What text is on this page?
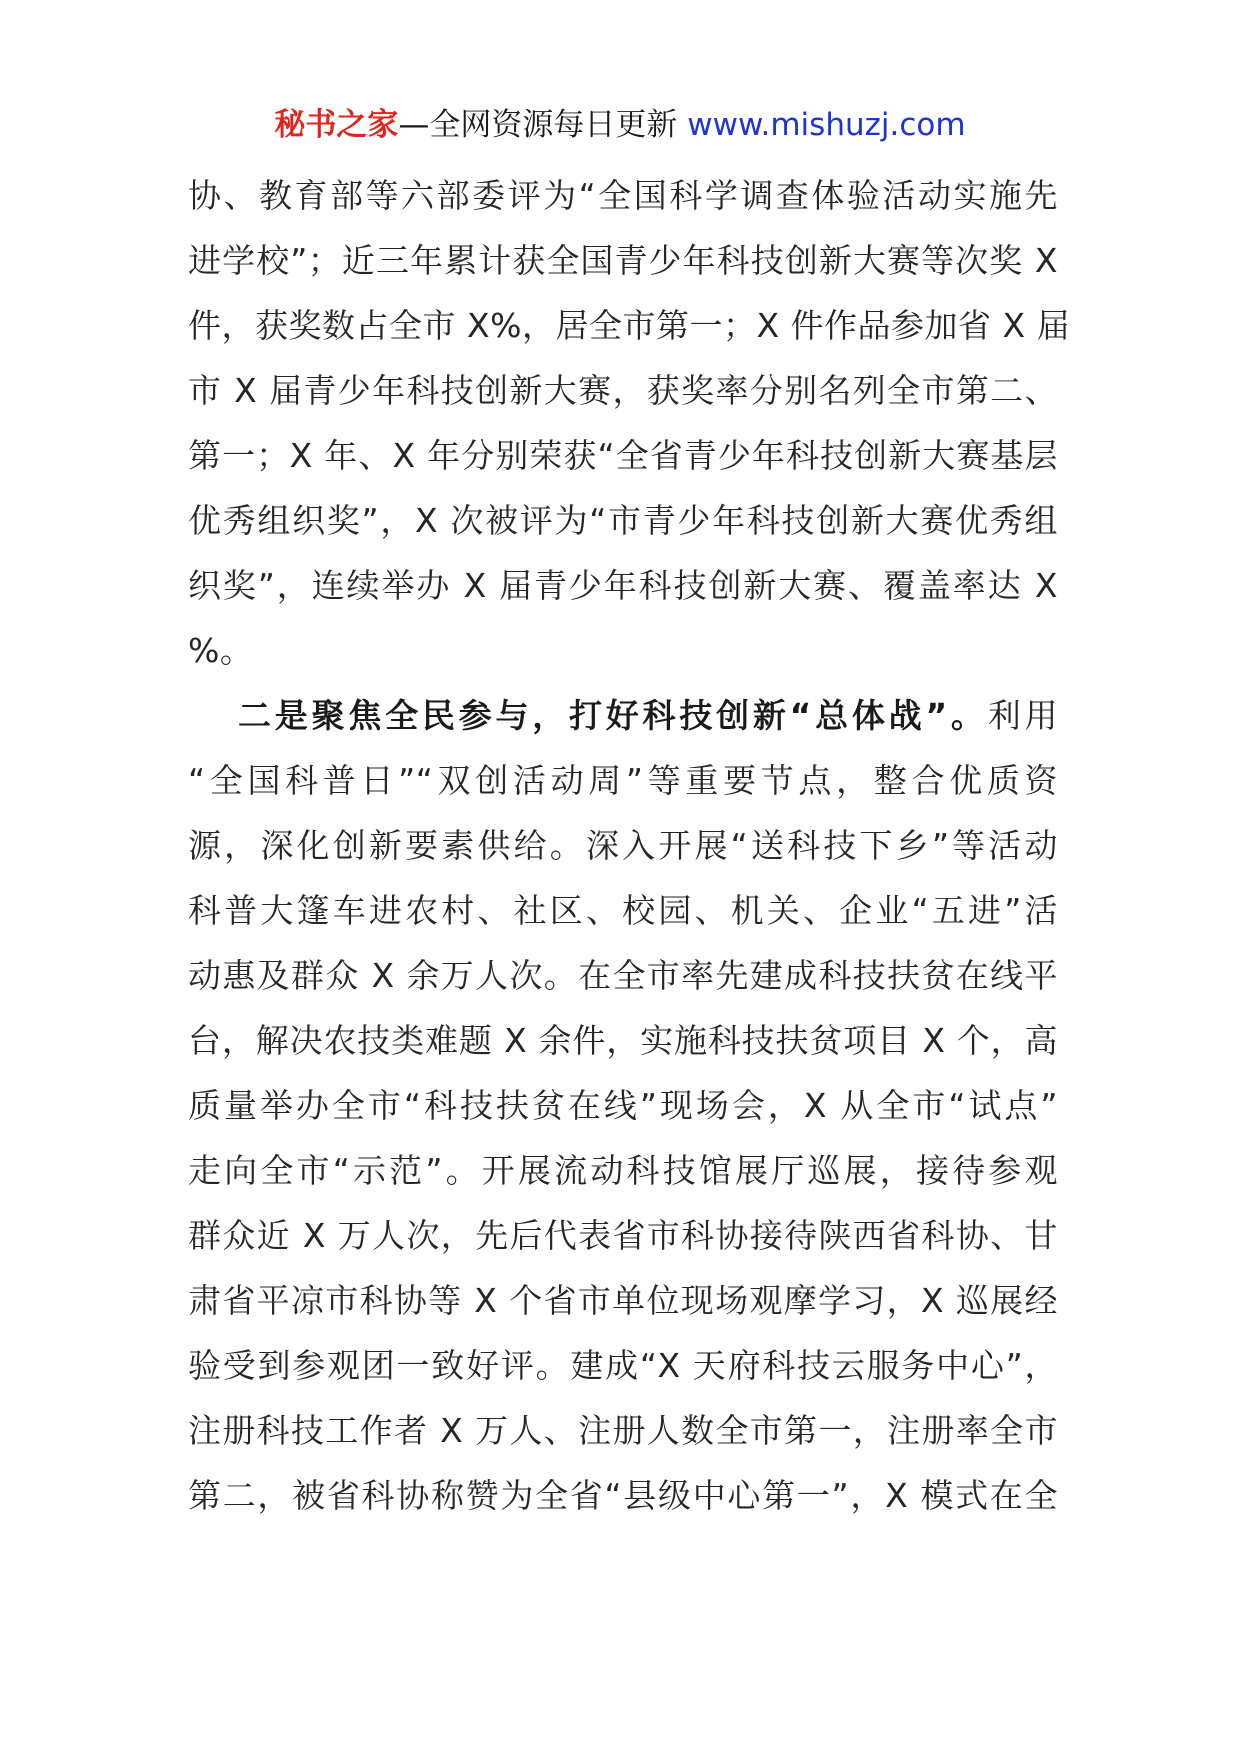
秘书之家—全网资源每日更新 www.mishuzj.com
协、教育部等六部委评为“全国科学调查体验活动实施先
进学校”；近三年累计获全国青少年科技创新大赛等次奖 X
件，获奖数占全市 X%，居全市第一；X 件作品参加省 X 届
市 X 届青少年科技创新大赛，获奖率分别名列全市第二、
第一；X 年、X 年分别荣获“全省青少年科技创新大赛基层
优秀组织奖”，X 次被评为“市青少年科技创新大赛优秀组
织奖”，连续举办 X 届青少年科技创新大赛、覆盖率达 X
%。
二是聚焦全民参与，打好科技创新“总体战”。利用
“全国科普日”“双创活动周”等重要节点，整合优质资
源，深化创新要素供给。深入开展“送科技下乡”等活动
科普大篷车进农村、社区、校园、机关、企业“五进”活
动惠及群众 X 余万人次。在全市率先建成科技扶贫在线平
台，解决农技类难题 X 余件，实施科技扶贫项目 X 个，高
质量举办全市“科技扶贫在线”现场会，X 从全市“试点”
走向全市“示范”。开展流动科技馆展厅巡展，接待参观
群众近 X 万人次，先后代表省市科协接待陕西省科协、甘
肃省平凉市科协等 X 个省市单位现场观摩学习，X 巡展经
验受到参观团一致好评。建成“X 天府科技云服务中心”，
注册科技工作者 X 万人、注册人数全市第一，注册率全市
第二，被省科协称赞为全省“县级中心第一”，X 模式在全
